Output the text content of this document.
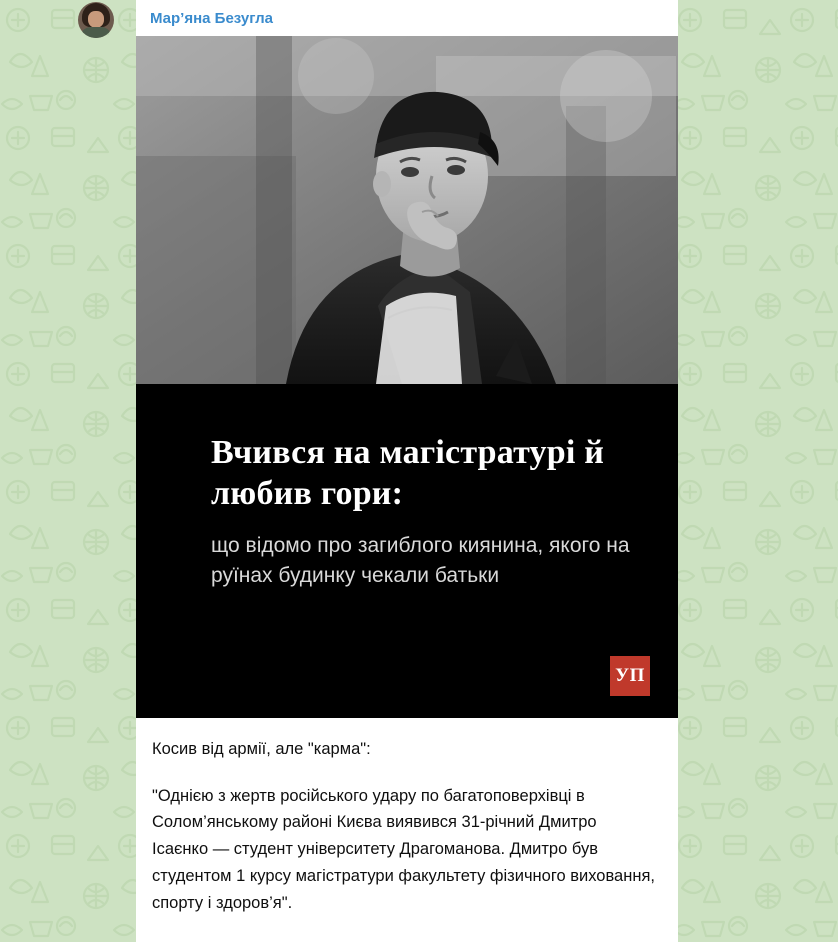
Мар’яна Безугла
Вчився на магістратурі й любив гори:
що відомо про загиблого киянина, якого на руїнах будинку чекали батьки
УП

Косив від армії, але "карма":

"Однією з жертв російського удару по багатоповерхівці в Солом’янському районі Києва виявився 31-річний Дмитро Ісаєнко — студент університету Драгоманова. Дмитро був студентом 1 курсу магістратури факультету фізичного виховання, спорту і здоров’я".
